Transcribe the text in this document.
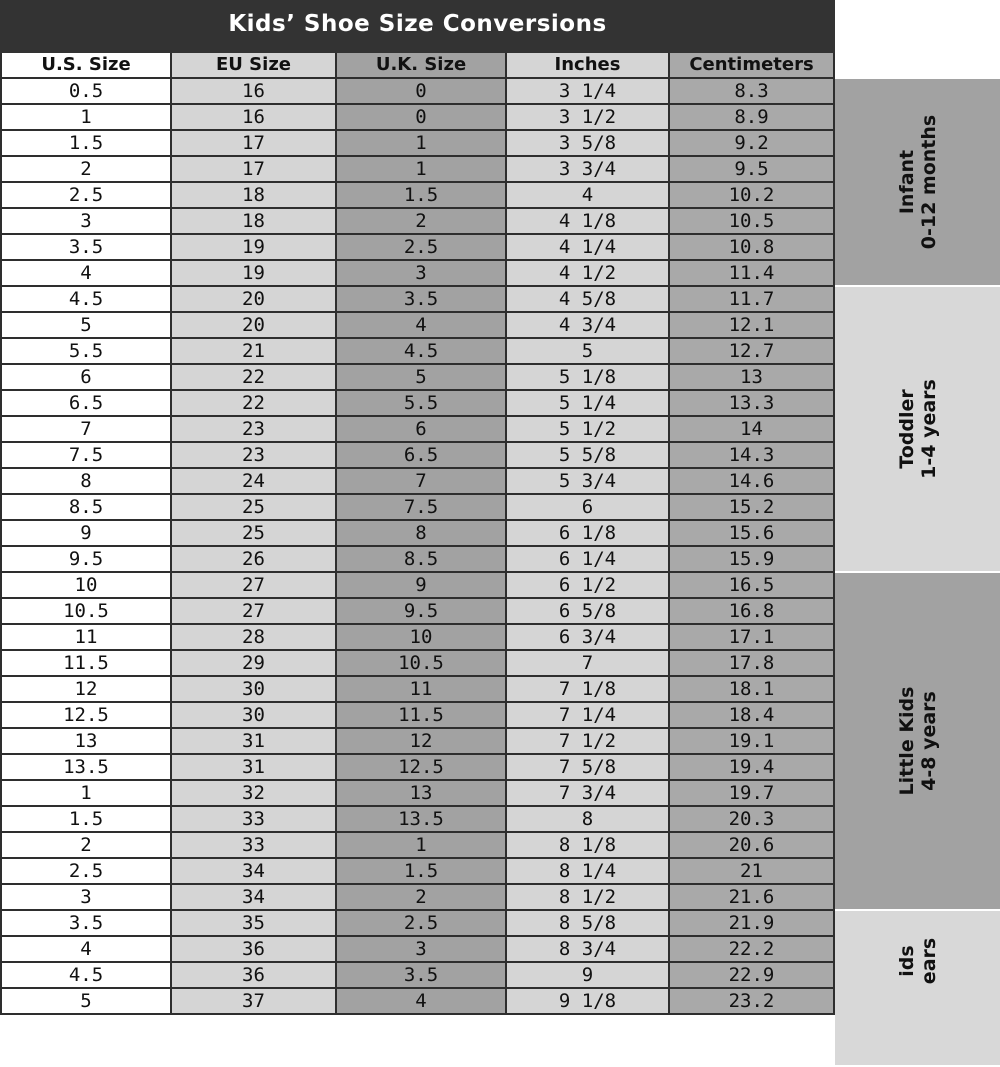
Kids’ Shoe Size Conversions
U.S. Size	EU Size	U.K. Size	Inches	Centimeters
0.5	16	0	3 1/4	8.3
1	16	0	3 1/2	8.9
1.5	17	1	3 5/8	9.2
2	17	1	3 3/4	9.5
2.5	18	1.5	4	10.2
3	18	2	4 1/8	10.5
3.5	19	2.5	4 1/4	10.8
4	19	3	4 1/2	11.4
4.5	20	3.5	4 5/8	11.7
5	20	4	4 3/4	12.1
5.5	21	4.5	5	12.7
6	22	5	5 1/8	13
6.5	22	5.5	5 1/4	13.3
7	23	6	5 1/2	14
7.5	23	6.5	5 5/8	14.3
8	24	7	5 3/4	14.6
8.5	25	7.5	6	15.2
9	25	8	6 1/8	15.6
9.5	26	8.5	6 1/4	15.9
10	27	9	6 1/2	16.5
10.5	27	9.5	6 5/8	16.8
11	28	10	6 3/4	17.1
11.5	29	10.5	7	17.8
12	30	11	7 1/8	18.1
12.5	30	11.5	7 1/4	18.4
13	31	12	7 1/2	19.1
13.5	31	12.5	7 5/8	19.4
1	32	13	7 3/4	19.7
1.5	33	13.5	8	20.3
2	33	1	8 1/8	20.6
2.5	34	1.5	8 1/4	21
3	34	2	8 1/2	21.6
3.5	35	2.5	8 5/8	21.9
4	36	3	8 3/4	22.2
4.5	36	3.5	9	22.9
5	37	4	9 1/8	23.2
Infant 0-12 months
Toddler 1-4 years
Little Kids 4-8 years
ids ears
